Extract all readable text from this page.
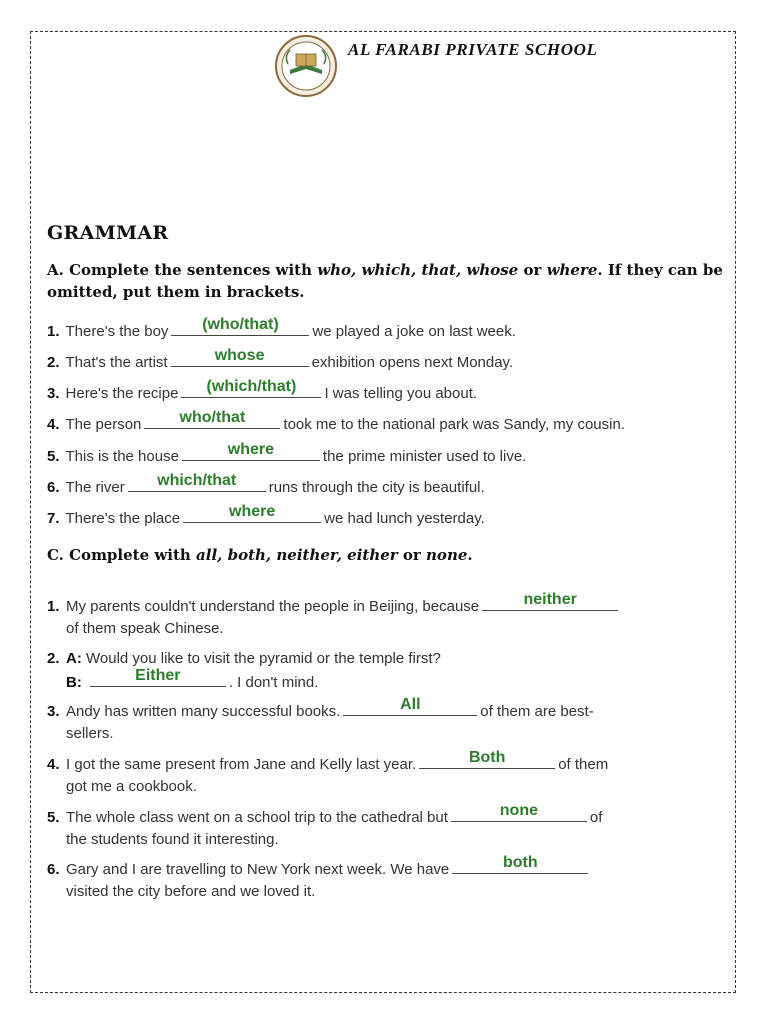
AL FARABI PRIVATE SCHOOL
GRAMMAR
A. Complete the sentences with who, which, that, whose or where. If they can be omitted, put them in brackets.
1. There's the boy	(who/that)	we played a joke on last week.
2. That's the artist	whose	exhibition opens next Monday.
3. Here's the recipe	(which/that)	I was telling you about.
4. The person	who/that	took me to the national park was Sandy, my cousin.
5. This is the house	where	the prime minister used to live.
6. The river	which/that	runs through the city is beautiful.
7. There's the place	where	we had lunch yesterday.
C. Complete with all, both, neither, either or none.
1. My parents couldn't understand the people in Beijing, because	neither
of them speak Chinese.
2. A: Would you like to visit the pyramid or the temple first?
B:	Either	. I don't mind.
3. Andy has written many successful books.	All	of them are best-
sellers.
4. I got the same present from Jane and Kelly last year.	Both	of them
got me a cookbook.
5. The whole class went on a school trip to the cathedral but	none	of
the students found it interesting.
6. Gary and I are travelling to New York next week. We have	both
visited the city before and we loved it.
